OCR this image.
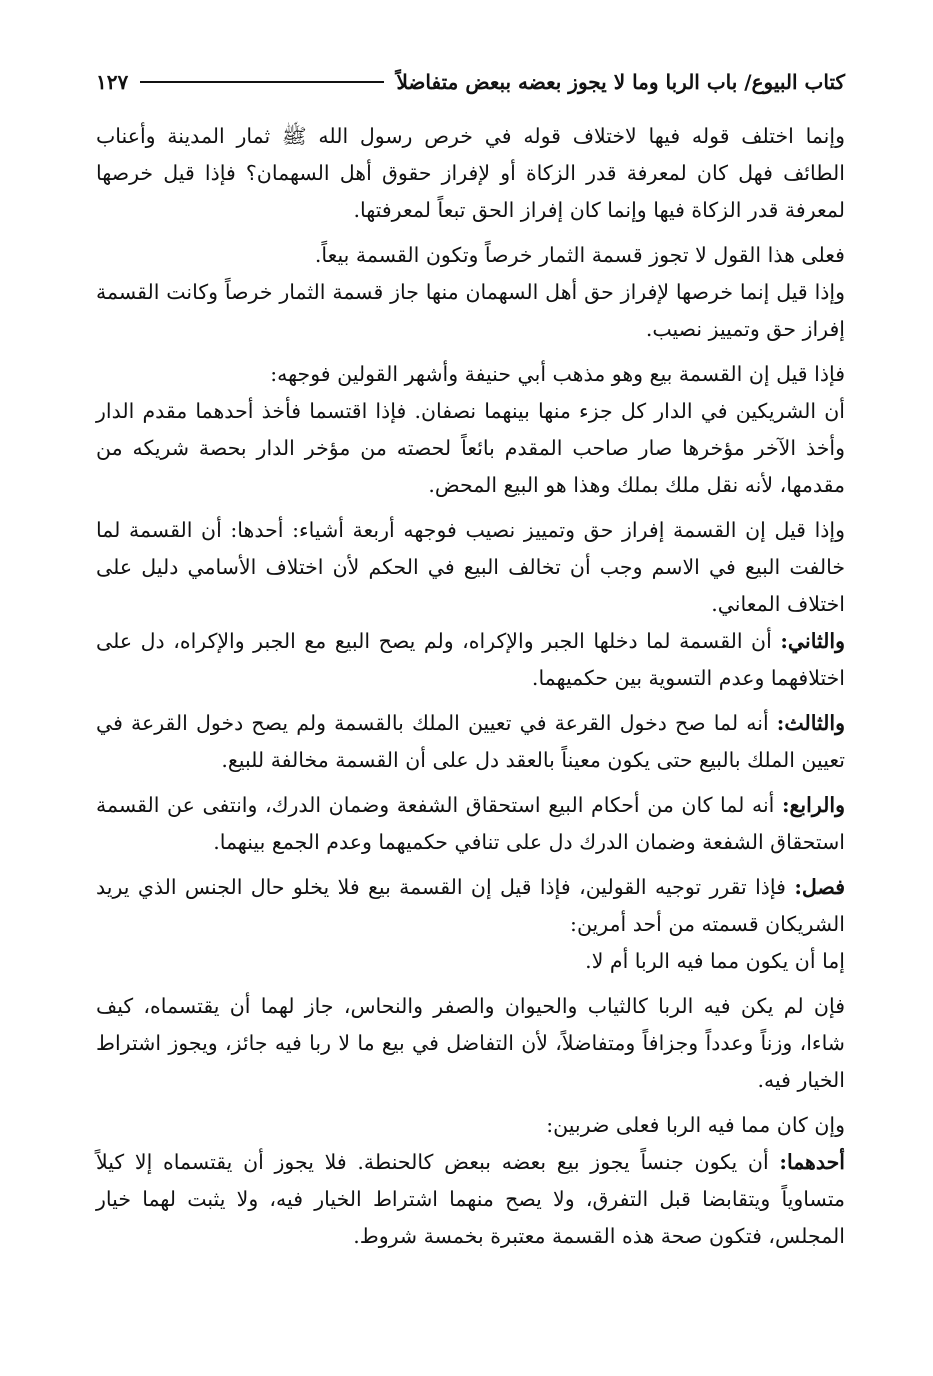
كتاب البيوع/ باب الربا وما لا يجوز بعضه ببعض متفاضلاً
١٢٧

وإنما اختلف قوله فيها لاختلاف قوله في خرص رسول الله ﷺ ثمار المدينة وأعناب الطائف فهل كان لمعرفة قدر الزكاة أو لإفراز حقوق أهل السهمان؟ فإذا قيل خرصها لمعرفة قدر الزكاة فيها وإنما كان إفراز الحق تبعاً لمعرفتها.

فعلى هذا القول لا تجوز قسمة الثمار خرصاً وتكون القسمة بيعاً.

وإذا قيل إنما خرصها لإفراز حق أهل السهمان منها جاز قسمة الثمار خرصاً وكانت القسمة إفراز حق وتمييز نصيب.

فإذا قيل إن القسمة بيع وهو مذهب أبي حنيفة وأشهر القولين فوجهه:

أن الشريكين في الدار كل جزء منها بينهما نصفان. فإذا اقتسما فأخذ أحدهما مقدم الدار وأخذ الآخر مؤخرها صار صاحب المقدم بائعاً لحصته من مؤخر الدار بحصة شريكه من مقدمها، لأنه نقل ملك بملك وهذا هو البيع المحض.

وإذا قيل إن القسمة إفراز حق وتمييز نصيب فوجهه أربعة أشياء: أحدها: أن القسمة لما خالفت البيع في الاسم وجب أن تخالف البيع في الحكم لأن اختلاف الأسامي دليل على اختلاف المعاني.

والثاني: أن القسمة لما دخلها الجبر والإكراه، ولم يصح البيع مع الجبر والإكراه، دل على اختلافهما وعدم التسوية بين حكميهما.

والثالث: أنه لما صح دخول القرعة في تعيين الملك بالقسمة ولم يصح دخول القرعة في تعيين الملك بالبيع حتى يكون معيناً بالعقد دل على أن القسمة مخالفة للبيع.

والرابع: أنه لما كان من أحكام البيع استحقاق الشفعة وضمان الدرك، وانتفى عن القسمة استحقاق الشفعة وضمان الدرك دل على تنافي حكميهما وعدم الجمع بينهما.

فصل: فإذا تقرر توجيه القولين، فإذا قيل إن القسمة بيع فلا يخلو حال الجنس الذي يريد الشريكان قسمته من أحد أمرين:

إما أن يكون مما فيه الربا أم لا.

فإن لم يكن فيه الربا كالثياب والحيوان والصفر والنحاس، جاز لهما أن يقتسماه، كيف شاءا، وزناً وعدداً وجزافاً ومتفاضلاً، لأن التفاضل في بيع ما لا ربا فيه جائز، ويجوز اشتراط الخيار فيه.

وإن كان مما فيه الربا فعلى ضربين:

أحدهما: أن يكون جنساً يجوز بيع بعضه ببعض كالحنطة. فلا يجوز أن يقتسماه إلا كيلاً متساوياً ويتقابضا قبل التفرق، ولا يصح منهما اشتراط الخيار فيه، ولا يثبت لهما خيار المجلس، فتكون صحة هذه القسمة معتبرة بخمسة شروط.
